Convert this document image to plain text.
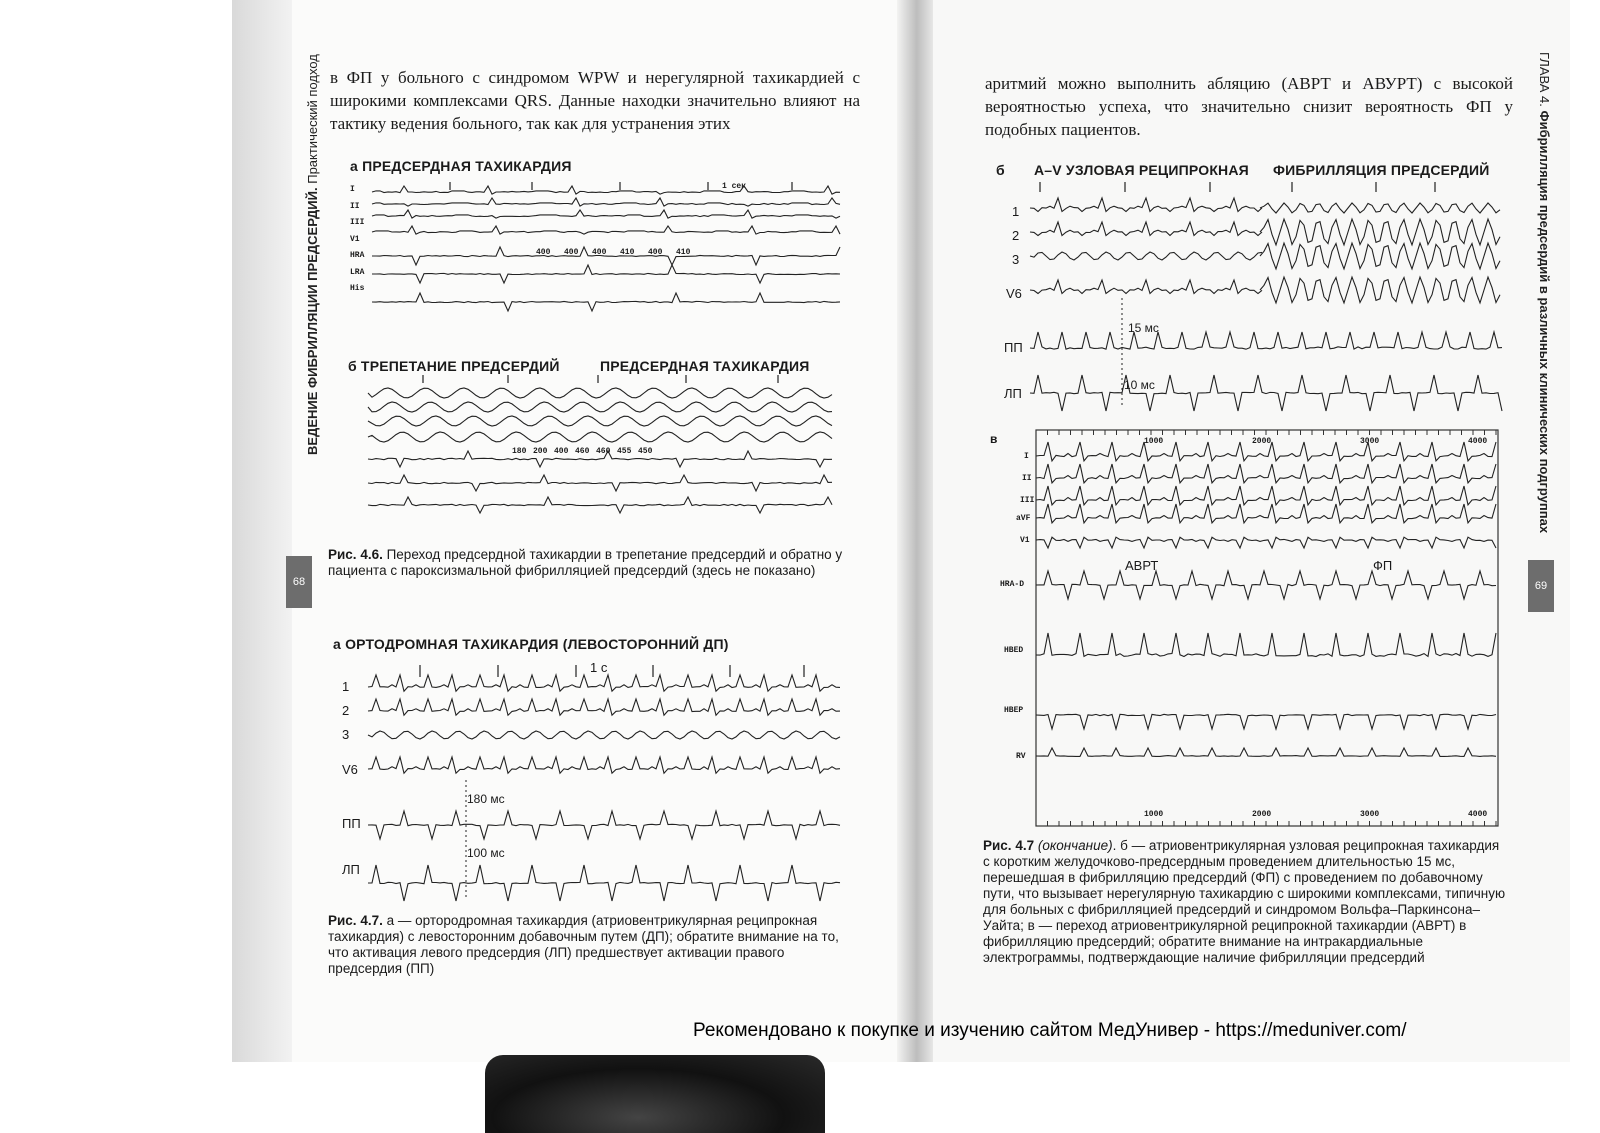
ВЕДЕНИЕ ФИБРИЛЛЯЦИИ ПРЕДСЕРДИЙ. Практический подход
68
в ФП у больного с синдромом WPW и нерегулярной тахикардией с широкими комплексами QRS. Данные находки значительно влияют на тактику ведения больного, так как для устранения этих
а ПРЕДСЕРДНАЯ ТАХИКАРДИЯ
1 сек
I
II
III
V1
HRA
LRA
His
400 400 400 410 400 410
б ТРЕПЕТАНИЕ ПРЕДСЕРДИЙ	ПРЕДСЕРДНАЯ ТАХИКАРДИЯ
180 200 400 460 460 455 450
Рис. 4.6. Переход предсердной тахикардии в трепетание предсердий и обратно у пациента с пароксизмальной фибрилляцией предсердий (здесь не показано)
а ОРТОДРОМНАЯ ТАХИКАРДИЯ (ЛЕВОСТОРОННИЙ ДП)
1 с
1
2
3
V6
ПП
ЛП
180 мс
100 мс
Рис. 4.7. а — ортородромная тахикардия (атриовентрикулярная реципрокная тахикардия) с левосторонним добавочным путем (ДП); обратите внимание на то, что активация левого предсердия (ЛП) предшествует активации правого предсердия (ПП)
ГЛАВА 4. Фибрилляция предсердий в различных клинических подгруппах
69
аритмий можно выполнить абляцию (АВРТ и АВУРТ) с высокой вероятностью успеха, что значительно снизит вероятность ФП у подобных пациентов.
б A–V УЗЛОВАЯ РЕЦИПРОКНАЯ ФИБРИЛЛЯЦИЯ ПРЕДСЕРДИЙ
1
2
3
V6
ПП
ЛП
15 мс
10 мс
в
I
II
III
aVF
V1
HRA-D
HBED
HBEP
RV
АВРТ	ФП
1000
1000
2000
2000
3000
3000
4000
4000
Рис. 4.7 (окончание). б — атриовентрикулярная узловая реципрокная тахикардия с коротким желудочково-предсердным проведением длительностью 15 мс, перешедшая в фибрилляцию предсердий (ФП) с проведением по добавочному пути, что вызывает нерегулярную тахикардию с широкими комплексами, типичную для больных с фибрилляцией предсердий и синдромом Вольфа–Паркинсона–Уайта; в — переход атриовентрикулярной реципрокной тахикардии (АВРТ) в фибрилляцию предсердий; обратите внимание на интракардиальные электрограммы, подтверждающие наличие фибрилляции предсердий
Рекомендовано к покупке и изучению сайтом МедУнивер - https://meduniver.com/
